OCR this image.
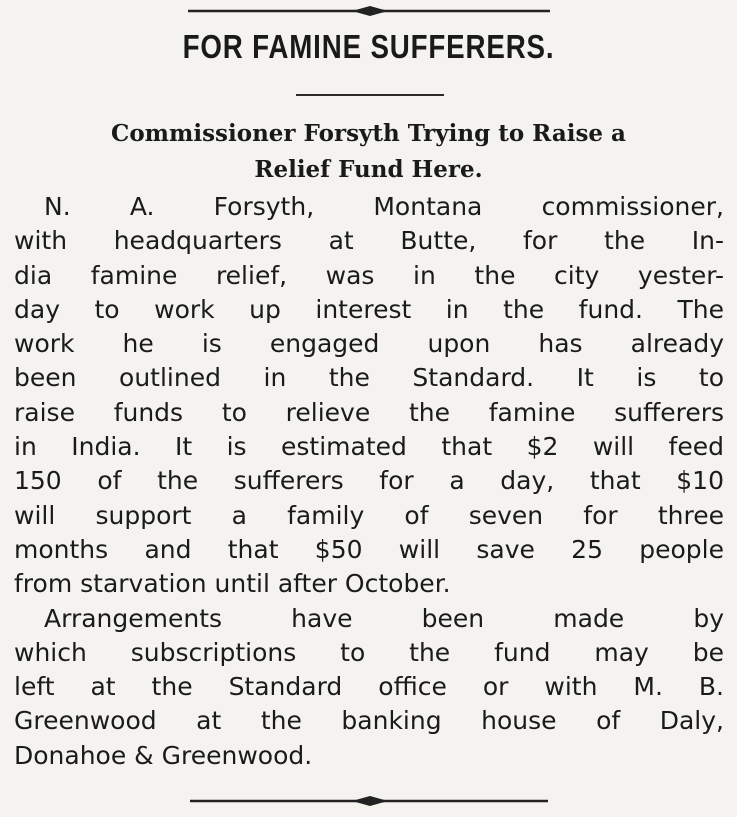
FOR FAMINE SUFFERERS.
Commissioner Forsyth Trying to Raise a
Relief Fund Here.
N. A. Forsyth, Montana commissioner,
with headquarters at Butte, for the In-
dia famine relief, was in the city yester-
day to work up interest in the fund. The
work he is engaged upon has already
been outlined in the Standard. It is to
raise funds to relieve the famine sufferers
in India. It is estimated that $2 will feed
150 of the sufferers for a day, that $10
will support a family of seven for three
months and that $50 will save 25 people
from starvation until after October.
Arrangements have been made by
which subscriptions to the fund may be
left at the Standard office or with M. B.
Greenwood at the banking house of Daly,
Donahoe & Greenwood.
